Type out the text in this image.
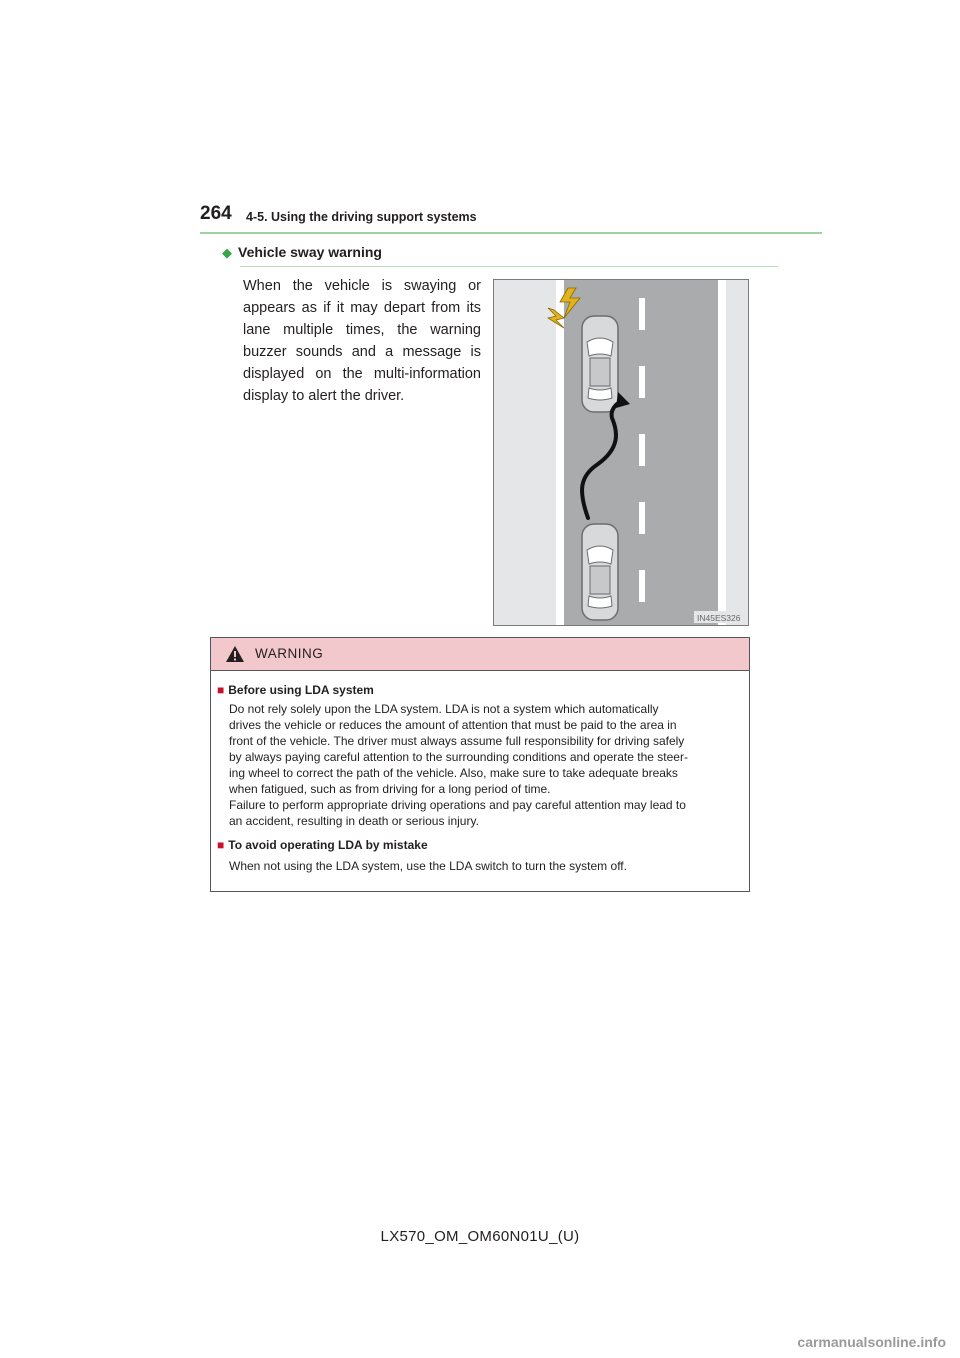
264 4-5. Using the driving support systems
◆ Vehicle sway warning
When the vehicle is swaying or appears as if it may depart from its lane multiple times, the warning buzzer sounds and a message is displayed on the multi-information display to alert the driver.
IN45ES326
WARNING
■ Before using LDA system
Do not rely solely upon the LDA system. LDA is not a system which automatically
drives the vehicle or reduces the amount of attention that must be paid to the area in
front of the vehicle. The driver must always assume full responsibility for driving safely
by always paying careful attention to the surrounding conditions and operate the steer-
ing wheel to correct the path of the vehicle. Also, make sure to take adequate breaks
when fatigued, such as from driving for a long period of time.
Failure to perform appropriate driving operations and pay careful attention may lead to
an accident, resulting in death or serious injury.
■ To avoid operating LDA by mistake
When not using the LDA system, use the LDA switch to turn the system off.
LX570_OM_OM60N01U_(U)
carmanualsonline.info
